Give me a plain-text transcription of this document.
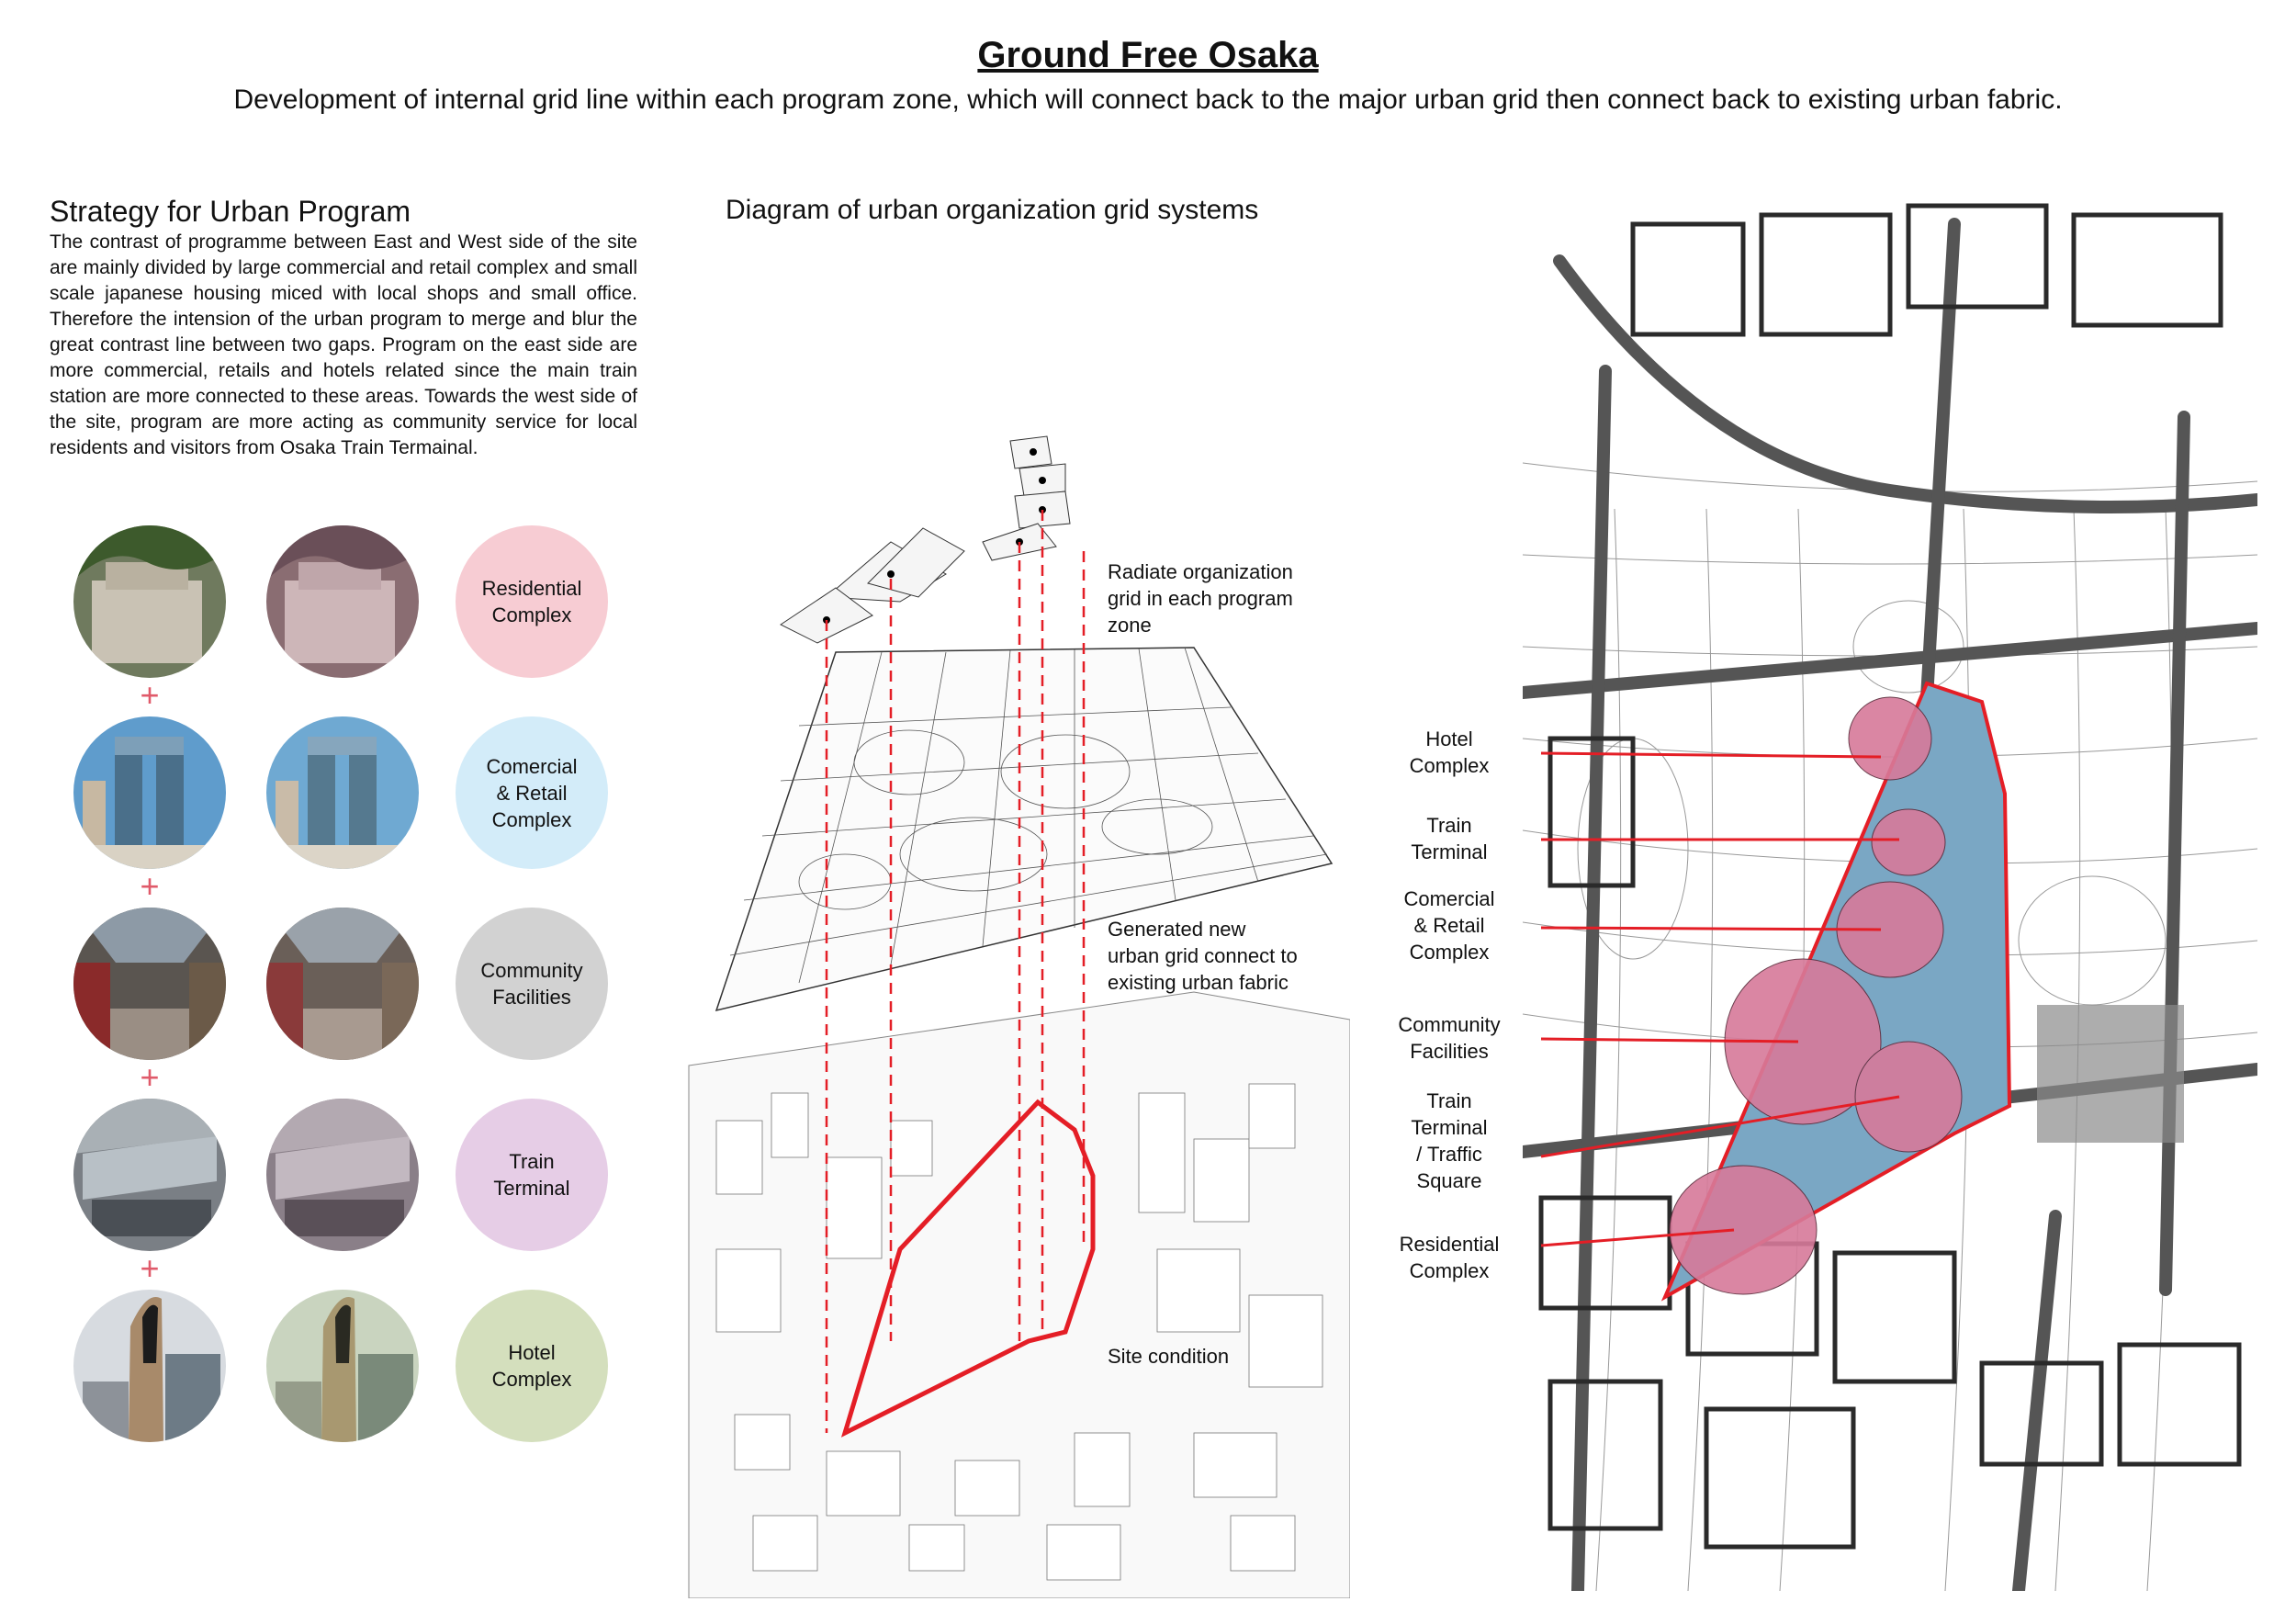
Ground Free Osaka
Development of internal grid line within each program zone, which will connect back to the major urban grid then connect back to existing urban fabric.
Strategy for Urban Program
The contrast of programme between East and West side of the site are mainly divided by large commercial and retail complex and small scale japanese housing miced with local shops and small office. Therefore the intension of the urban program to merge and blur the great contrast line between two gaps. Program on the east side are more commercial, retails and hotels related since the main train station are more connected to these areas. Towards the west side of the site, program are more acting as community service for local residents and visitors from Osaka Train Termainal.
Residential
Complex
+
Comercial
& Retail
Complex
+
Community
Facilities
+
Train
Terminal
+
Hotel
Complex
Diagram of urban organization grid systems
Radiate organization
grid in each program
zone
Generated new
urban grid connect to
existing urban fabric
Site condition
Hotel
Complex
Train
Terminal
Comercial
& Retail
Complex
Community
Facilities
Train
Terminal
/ Traffic
Square
Residential
Complex
